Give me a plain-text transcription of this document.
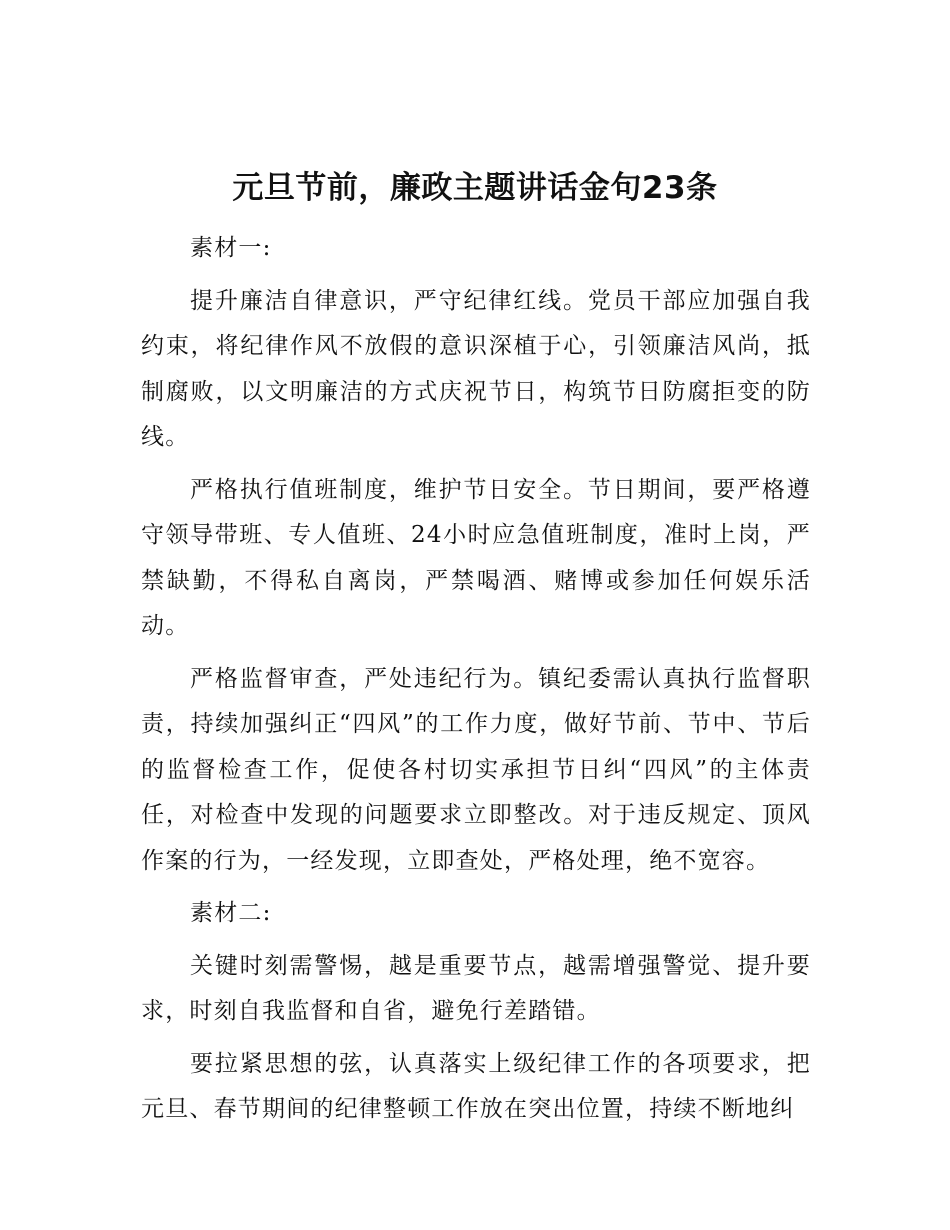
元旦节前，廉政主题讲话金句23条

素材一:

提升廉洁自律意识，严守纪律红线。党员干部应加强自我约束，将纪律作风不放假的意识深植于心，引领廉洁风尚，抵制腐败，以文明廉洁的方式庆祝节日，构筑节日防腐拒变的防线。

严格执行值班制度，维护节日安全。节日期间，要严格遵守领导带班、专人值班、24小时应急值班制度，准时上岗，严禁缺勤，不得私自离岗，严禁喝酒、赌博或参加任何娱乐活动。

严格监督审查，严处违纪行为。镇纪委需认真执行监督职责，持续加强纠正“四风”的工作力度，做好节前、节中、节后的监督检查工作，促使各村切实承担节日纠“四风”的主体责任，对检查中发现的问题要求立即整改。对于违反规定、顶风作案的行为，一经发现，立即查处，严格处理，绝不宽容。

素材二:

关键时刻需警惕，越是重要节点，越需增强警觉、提升要求，时刻自我监督和自省，避免行差踏错。

要拉紧思想的弦，认真落实上级纪律工作的各项要求，把元旦、春节期间的纪律整顿工作放在突出位置，持续不断地纠
